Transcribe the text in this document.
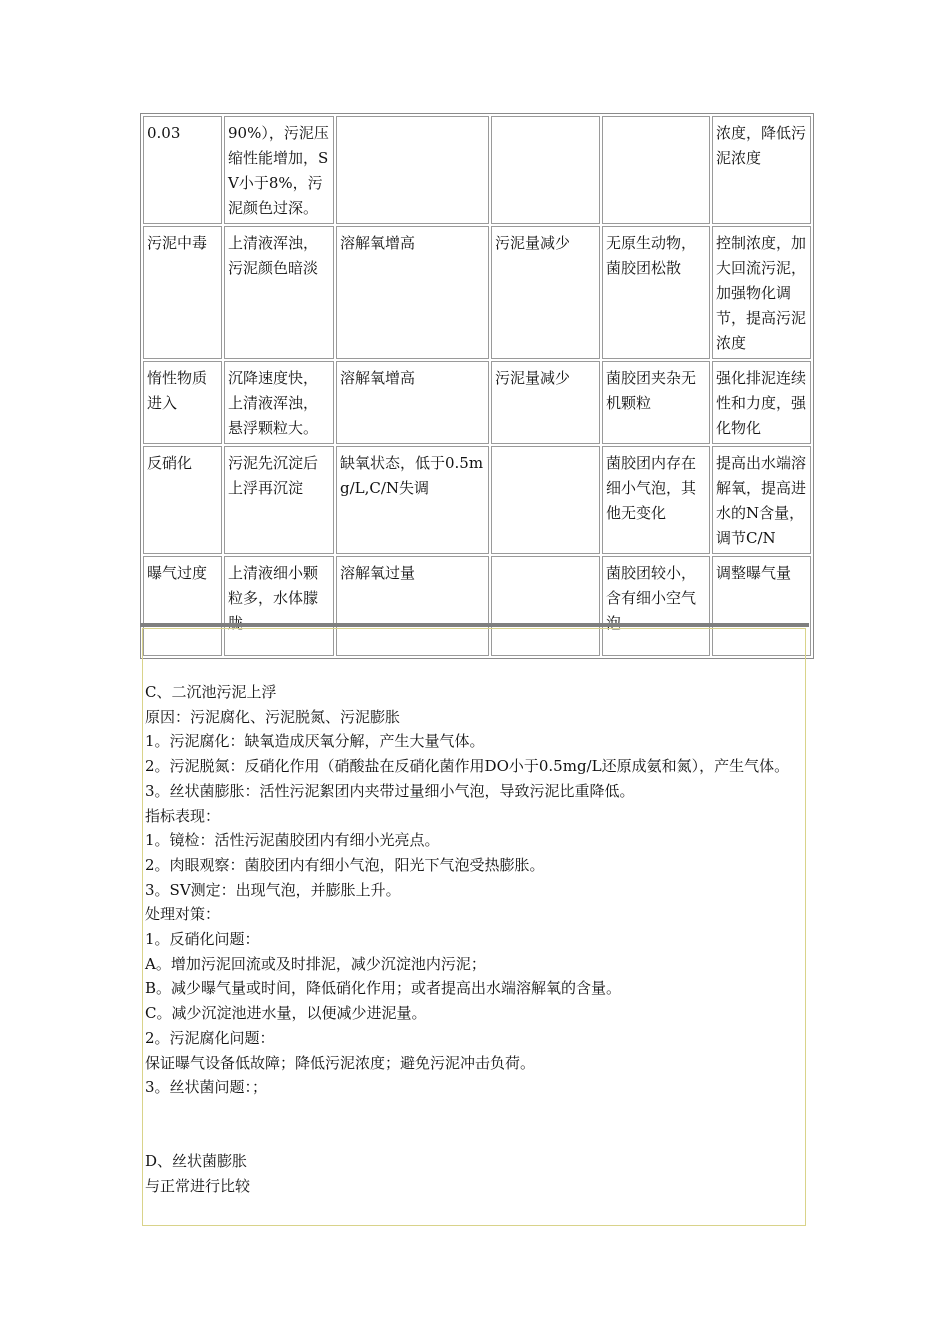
0.03	90%），污泥压缩性能增加，SV小于8%，污泥颜色过深。				浓度，降低污泥浓度
污泥中毒	上清液浑浊，污泥颜色暗淡	溶解氧增高	污泥量减少	无原生动物，菌胶团松散	控制浓度，加大回流污泥，加强物化调节，提高污泥浓度
惰性物质进入	沉降速度快，上清液浑浊，悬浮颗粒大。	溶解氧增高	污泥量减少	菌胶团夹杂无机颗粒	强化排泥连续性和力度，强化物化
反硝化	污泥先沉淀后上浮再沉淀	缺氧状态，低于0.5mg/L,C/N失调		菌胶团内存在细小气泡，其他无变化	提高出水端溶解氧，提高进水的N含量，调节C/N
曝气过度	上清液细小颗粒多，水体朦	溶解氧过量		菌胶团较小，含有细小空气	调整曝气量
C、二沉池污泥上浮
原因：污泥腐化、污泥脱氮、污泥膨胀
1。污泥腐化：缺氧造成厌氧分解，产生大量气体。
2。污泥脱氮：反硝化作用（硝酸盐在反硝化菌作用DO小于0.5mg/L还原成氨和氮），产生气体。
3。丝状菌膨胀：活性污泥絮团内夹带过量细小气泡，导致污泥比重降低。
指标表现：
1。镜检：活性污泥菌胶团内有细小光亮点。
2。肉眼观察：菌胶团内有细小气泡，阳光下气泡受热膨胀。
3。SV测定：出现气泡，并膨胀上升。
处理对策：
1。反硝化问题：
A。增加污泥回流或及时排泥，减少沉淀池内污泥；
B。减少曝气量或时间，降低硝化作用；或者提高出水端溶解氧的含量。
C。减少沉淀池进水量，以便减少进泥量。
2。污泥腐化问题：
保证曝气设备低故障；降低污泥浓度；避免污泥冲击负荷。
3。丝状菌问题：；
D、丝状菌膨胀
与正常进行比较
